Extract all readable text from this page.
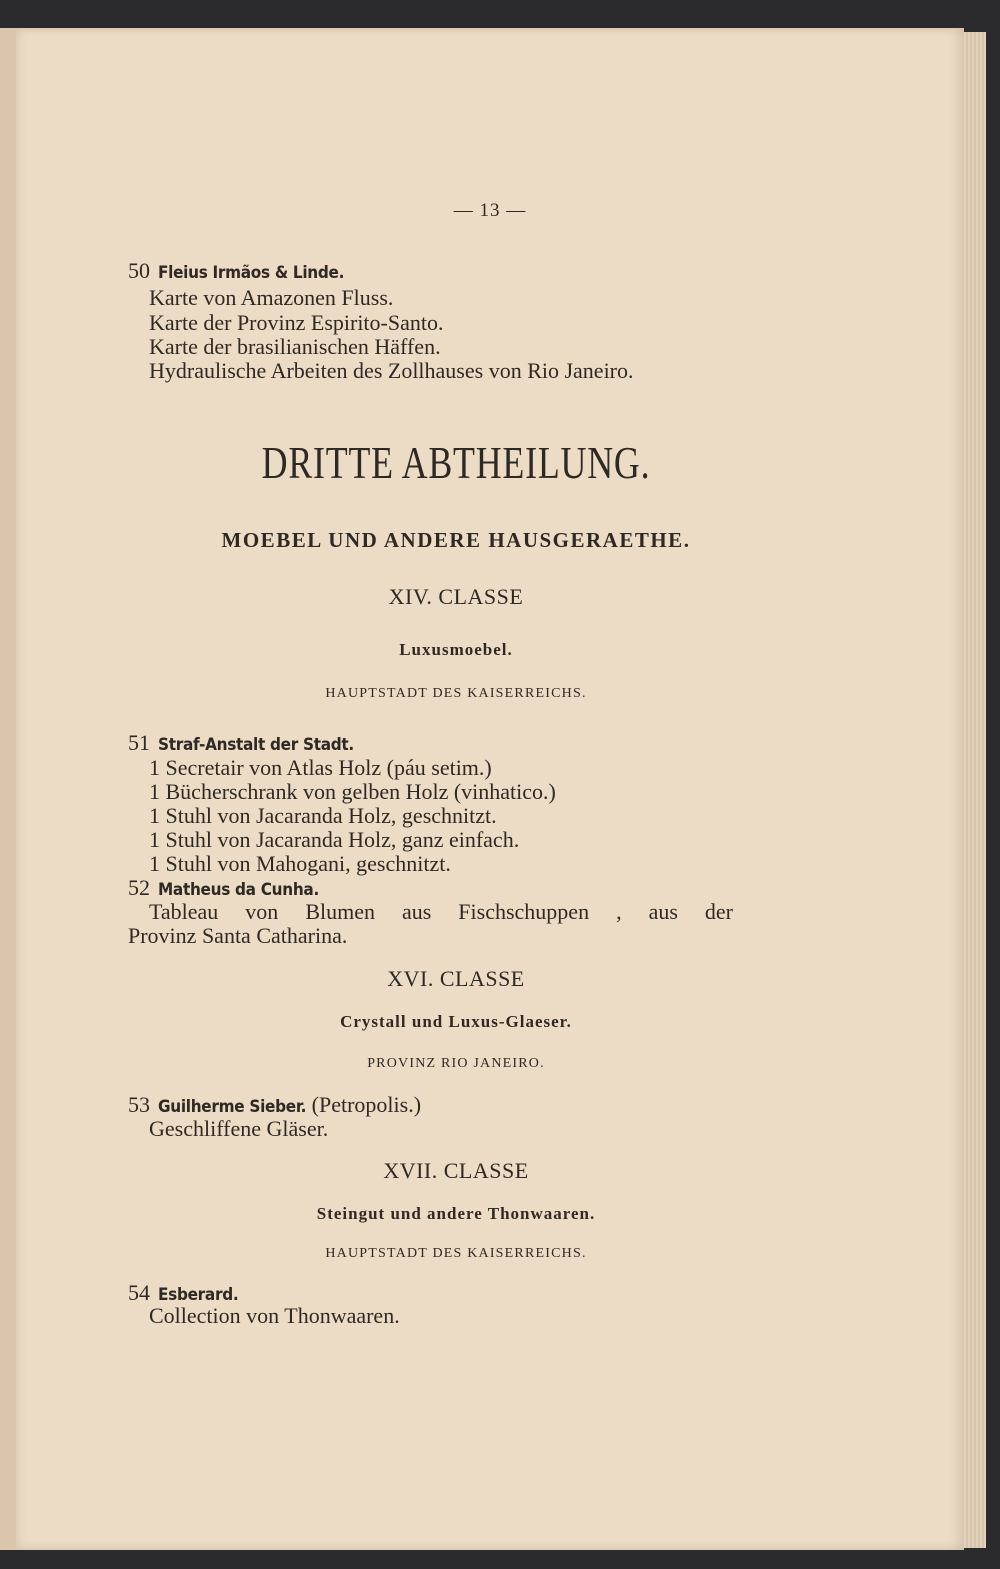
— 13 —
50 Fleius Irmãos & Linde.
Karte von Amazonen Fluss.
Karte der Provinz Espirito-Santo.
Karte der brasilianischen Häffen.
Hydraulische Arbeiten des Zollhauses von Rio Janeiro.
DRITTE ABTHEILUNG.
MOEBEL UND ANDERE HAUSGERAETHE.
XIV. CLASSE
Luxusmoebel.
HAUPTSTADT DES KAISERREICHS.
51 Straf-Anstalt der Stadt.
1 Secretair von Atlas Holz (páu setim.)
1 Bücherschrank von gelben Holz (vinhatico.)
1 Stuhl von Jacaranda Holz, geschnitzt.
1 Stuhl von Jacaranda Holz, ganz einfach.
1 Stuhl von Mahogani, geschnitzt.
52 Matheus da Cunha.
Tableau von Blumen aus Fischschuppen , aus der
Provinz Santa Catharina.
XVI. CLASSE
Crystall und Luxus-Glaeser.
PROVINZ RIO JANEIRO.
53 Guilherme Sieber. (Petropolis.)
Geschliffene Gläser.
XVII. CLASSE
Steingut und andere Thonwaaren.
HAUPTSTADT DES KAISERREICHS.
54 Esberard.
Collection von Thonwaaren.
